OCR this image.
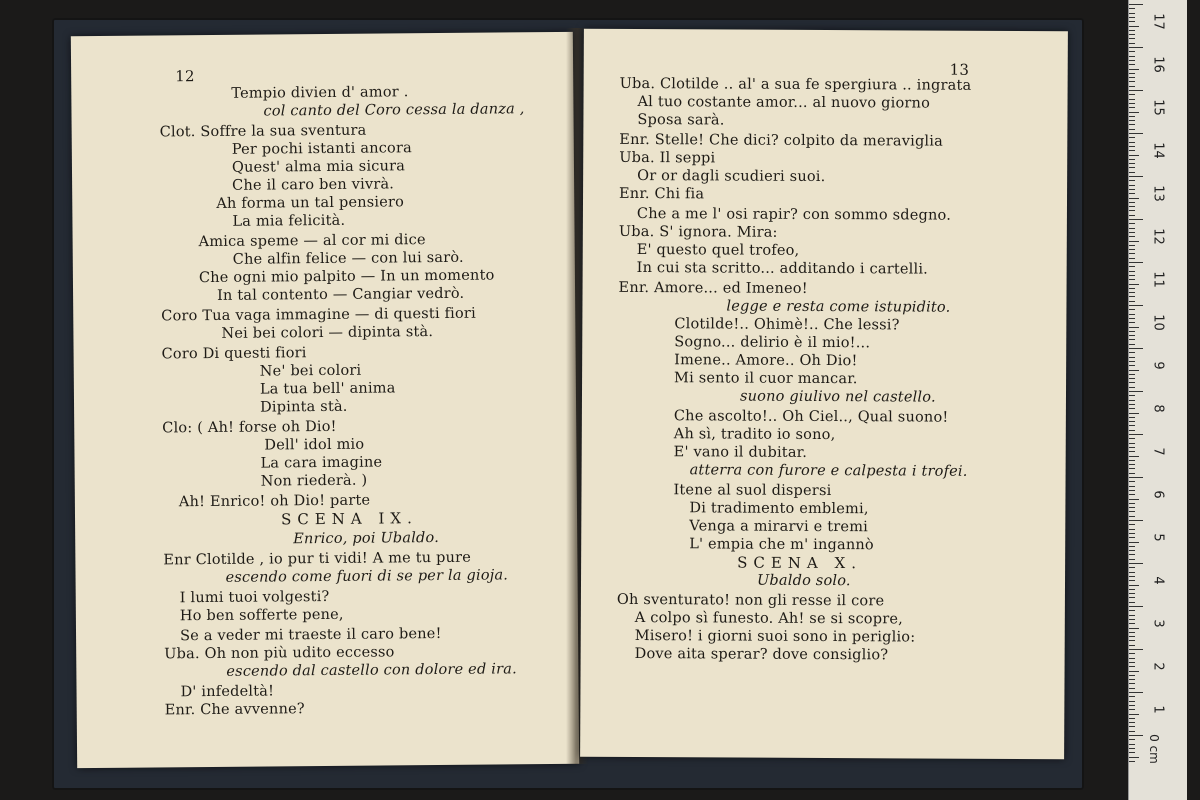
12
Tempio divien d' amor .
col canto del Coro cessa la danza ,
Clot. Soffre la sua sventura
Per pochi istanti ancora
Quest' alma mia sicura
Che il caro ben vivrà.
Ah forma un tal pensiero
La mia felicità.
Amica speme — al cor mi dice
Che alfin felice — con lui sarò.
Che ogni mio palpito — In un momento
In tal contento — Cangiar vedrò.
Coro Tua vaga immagine — di questi fiori
Nei bei colori — dipinta stà.
Coro Di questi fiori
Ne' bei colori
La tua bell' anima
Dipinta stà.
Clo: ( Ah! forse oh Dio!
Dell' idol mio
La cara imagine
Non riederà. )
Ah! Enrico! oh Dio! parte
SCENA IX.
Enrico, poi Ubaldo.
Enr Clotilde , io pur ti vidi! A me tu pure
escendo come fuori di se per la gioja.
I lumi tuoi volgesti?
Ho ben sofferte pene,
Se a veder mi traeste il caro bene!
Uba. Oh non più udito eccesso
escendo dal castello con dolore ed ira.
D' infedeltà!
Enr. Che avvenne?
13
Uba. Clotilde .. al' a sua fe spergiura .. ingrata
Al tuo costante amor... al nuovo giorno
Sposa sarà.
Enr. Stelle! Che dici? colpito da meraviglia
Uba. Il seppi
Or or dagli scudieri suoi.
Enr. Chi fia
Che a me l' osi rapir? con sommo sdegno.
Uba. S' ignora. Mira:
E' questo quel trofeo,
In cui sta scritto... additando i cartelli.
Enr. Amore... ed Imeneo!
legge e resta come istupidito.
Clotilde!.. Ohimè!.. Che lessi?
Sogno... delirio è il mio!...
Imene.. Amore.. Oh Dio!
Mi sento il cuor mancar.
suono giulivo nel castello.
Che ascolto!.. Oh Ciel.., Qual suono!
Ah sì, tradito io sono,
E' vano il dubitar.
atterra con furore e calpesta i trofei.
Itene al suol dispersi
Di tradimento emblemi,
Venga a mirarvi e tremi
L' empia che m' ingannò
SCENA X.
Ubaldo solo.
Oh sventurato! non gli resse il core
A colpo sì funesto. Ah! se si scopre,
Misero! i giorni suoi sono in periglio:
Dove aita sperar? dove consiglio?
17
16
15
14
13
12
11
10
9
8
7
6
5
4
3
2
1
0 cm
